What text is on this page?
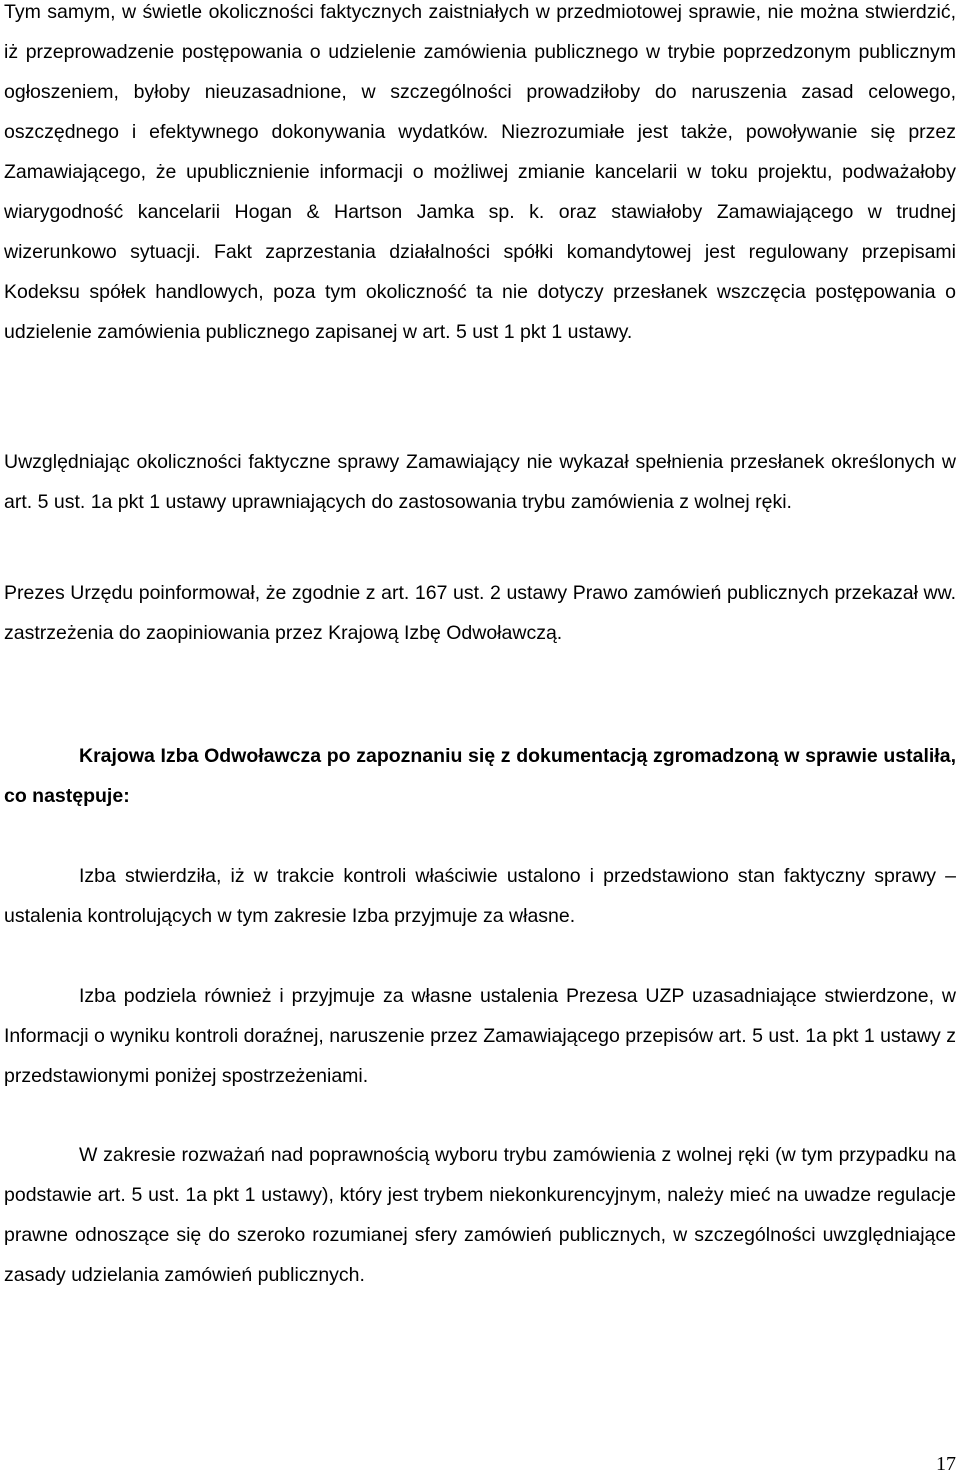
Tym samym, w świetle okoliczności faktycznych zaistniałych w przedmiotowej sprawie, nie można stwierdzić, iż przeprowadzenie postępowania o udzielenie zamówienia publicznego w trybie poprzedzonym publicznym ogłoszeniem, byłoby nieuzasadnione, w szczególności prowadziłoby do naruszenia zasad celowego, oszczędnego i efektywnego dokonywania wydatków. Niezrozumiałe jest także, powoływanie się przez Zamawiającego, że upublicznienie informacji o możliwej zmianie kancelarii w toku projektu, podważałoby wiarygodność kancelarii Hogan & Hartson Jamka sp. k. oraz stawiałoby Zamawiającego w trudnej wizerunkowo sytuacji. Fakt zaprzestania działalności spółki komandytowej jest regulowany przepisami Kodeksu spółek handlowych, poza tym okoliczność ta nie dotyczy przesłanek wszczęcia postępowania o udzielenie zamówienia publicznego zapisanej w art. 5 ust 1 pkt 1 ustawy.

Uwzględniając okoliczności faktyczne sprawy Zamawiający nie wykazał spełnienia przesłanek określonych w art. 5 ust. 1a pkt 1 ustawy uprawniających do zastosowania trybu zamówienia z wolnej ręki.

Prezes Urzędu poinformował, że zgodnie z art. 167 ust. 2 ustawy Prawo zamówień publicznych przekazał ww. zastrzeżenia do zaopiniowania przez Krajową Izbę Odwoławczą.

Krajowa Izba Odwoławcza po zapoznaniu się z dokumentacją zgromadzoną w sprawie ustaliła, co następuje:

Izba stwierdziła, iż w trakcie kontroli właściwie ustalono i przedstawiono stan faktyczny sprawy – ustalenia kontrolujących w tym zakresie Izba przyjmuje za własne.

Izba podziela również i przyjmuje za własne ustalenia Prezesa UZP uzasadniające stwierdzone, w Informacji o wyniku kontroli doraźnej, naruszenie przez Zamawiającego przepisów art. 5 ust. 1a pkt 1 ustawy z przedstawionymi poniżej spostrzeżeniami.

W zakresie rozważań nad poprawnością wyboru trybu zamówienia z wolnej ręki (w tym przypadku na podstawie art. 5 ust. 1a pkt 1 ustawy), który jest trybem niekonkurencyjnym, należy mieć na uwadze regulacje prawne odnoszące się do szeroko rozumianej sfery zamówień publicznych, w szczególności uwzględniające zasady udzielania zamówień publicznych.

17
